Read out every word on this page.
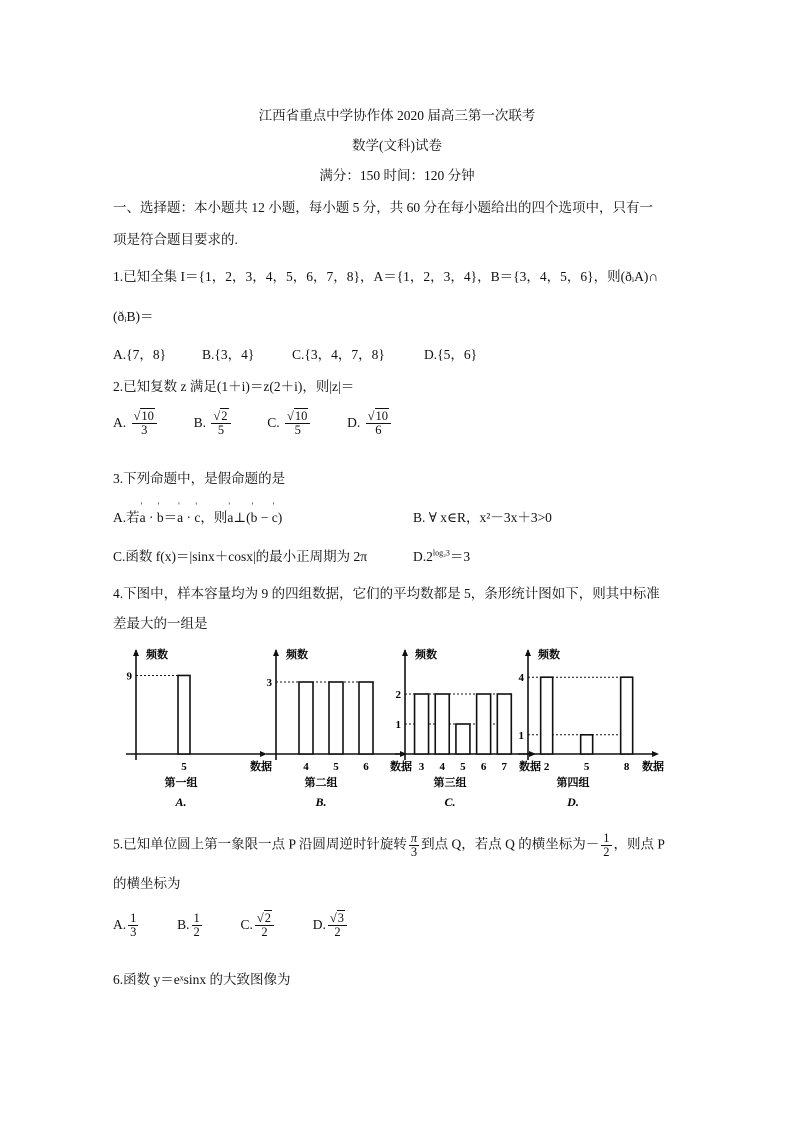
江西省重点中学协作体 2020 届高三第一次联考
数学(文科)试卷
满分：150 时间：120 分钟
一、选择题：本小题共 12 小题，每小题 5 分，共 60 分在每小题给出的四个选项中，只有一
项是符合题目要求的.
1.已知全集 I＝{1，2，3，4，5，6，7，8}，A＝{1，2，3，4}，B＝{3，4，5，6}，则(ðᵢA)∩
(ðᵢB)＝
A.{7，8}	B.{3，4}	C.{3，4，7，8}	D.{5，6}
2.已知复数 z 满足(1＋i)＝z(2＋i)，则|z|＝
A. $\frac{√10}{3}$	B. $\frac{√2}{5}$	C. $\frac{√10}{5}$	D. $\frac{√10}{6}$
3.下列命题中，是假命题的是
A.若' a · ' b＝' a · ' c，则' a⊥(' b − ' c)	B. ∀ x∈R，x²－3x＋3>0
C.函数 f(x)＝|sinx＋cosx|的最小正周期为 2π	$D.2^{log_23}=3$
4.下图中，样本容量均为 9 的四组数据，它们的平均数都是 5，条形统计图如下，则其中标准
差最大的一组是
频数
数据
9
5
第一组
A.
频数
数据
3
4 5 6
第二组
B.
频数
数据
1
2
3 4 5 6 7
第三组
C.
频数
数据
1
4
2	5	8
第四组
D.
5.已知单位圆上第一象限一点 P 沿圆周逆时针旋转 $\frac{\pi}{3}$ 到点 Q，若点 Q 的横坐标为－ $\frac{1}{2}$ ，则点 P
的横坐标为
A. $\frac{1}{3}$	B. $\frac{1}{2}$	C. $\frac{√2}{2}$	D. $\frac{√3}{2}$
6.函数 y＝eˣsinx 的大致图像为
